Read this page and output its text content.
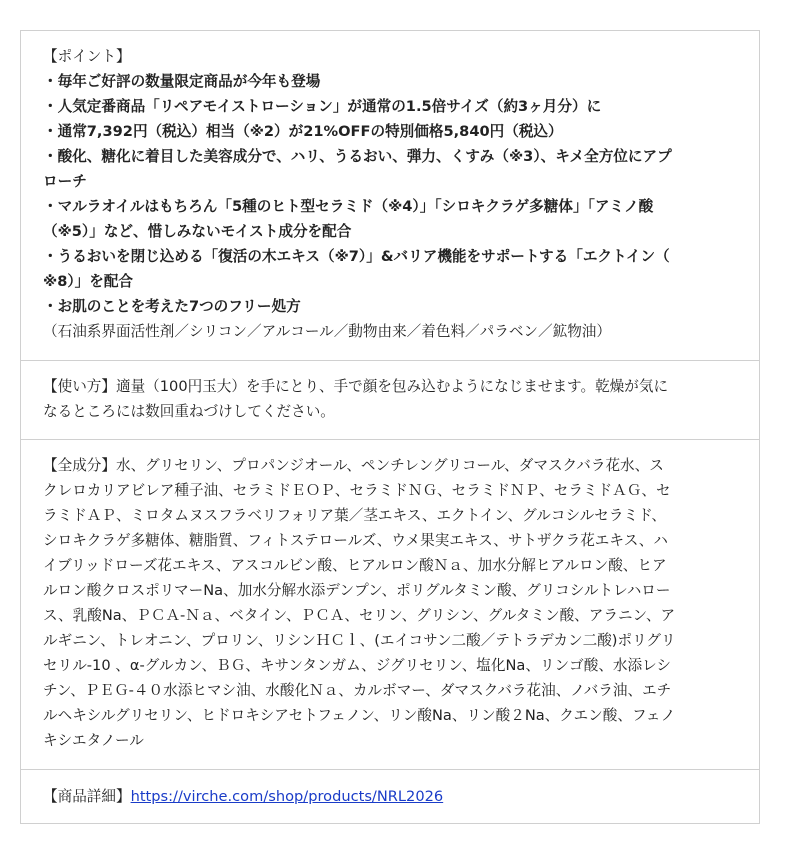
【ポイント】
・毎年ご好評の数量限定商品が今年も登場
・人気定番商品「リペアモイストローション」が通常の1.5倍サイズ（約3ヶ月分）に
・通常7,392円（税込）相当（※2）が21%OFFの特別価格5,840円（税込）
・酸化、糖化に着目した美容成分で、ハリ、うるおい、弾力、くすみ（※3）、キメ全方位にアプ
ローチ
・マルラオイルはもちろん「5種のヒト型セラミド（※4）」「シロキクラゲ多糖体」「アミノ酸
（※5）」など、惜しみないモイスト成分を配合
・うるおいを閉じ込める「復活の木エキス（※7）」&バリア機能をサポートする「エクトイン（
※8）」を配合
・お肌のことを考えた7つのフリー処方
（石油系界面活性剤／シリコン／アルコール／動物由来／着色料／パラベン／鉱物油）
【使い方】適量（100円玉大）を手にとり、手で顔を包み込むようになじませます。乾燥が気に
なるところには数回重ねづけしてください。
【全成分】水、グリセリン、プロパンジオール、ペンチレングリコール、ダマスクバラ花水、ス
クレロカリアビレア種子油、セラミドＥＯＰ、セラミドＮＧ、セラミドＮＰ、セラミドＡＧ、セ
ラミドＡＰ、ミロタムヌスフラベリフォリア葉／茎エキス、エクトイン、グルコシルセラミド、
シロキクラゲ多糖体、糖脂質、フィトステロールズ、ウメ果実エキス、サトザクラ花エキス、ハ
イブリッドローズ花エキス、アスコルビン酸、ヒアルロン酸Ｎａ、加水分解ヒアルロン酸、ヒア
ルロン酸クロスポリマーNa、加水分解水添デンプン、ポリグルタミン酸、グリコシルトレハロー
ス、乳酸Na、ＰＣＡ-Ｎａ、ベタイン、ＰＣＡ、セリン、グリシン、グルタミン酸、アラニン、ア
ルギニン、トレオニン、プロリン、リシンＨＣｌ、(エイコサン二酸／テトラデカン二酸)ポリグリ
セリル-10 、α-グルカン、ＢＧ、キサンタンガム、ジグリセリン、塩化Na、リンゴ酸、水添レシ
チン、ＰＥＧ-４０水添ヒマシ油、水酸化Ｎａ、カルボマー、ダマスクバラ花油、ノバラ油、エチ
ルヘキシルグリセリン、ヒドロキシアセトフェノン、リン酸Na、リン酸２Na、クエン酸、フェノ
キシエタノール
【商品詳細】https://virche.com/shop/products/NRL2026
